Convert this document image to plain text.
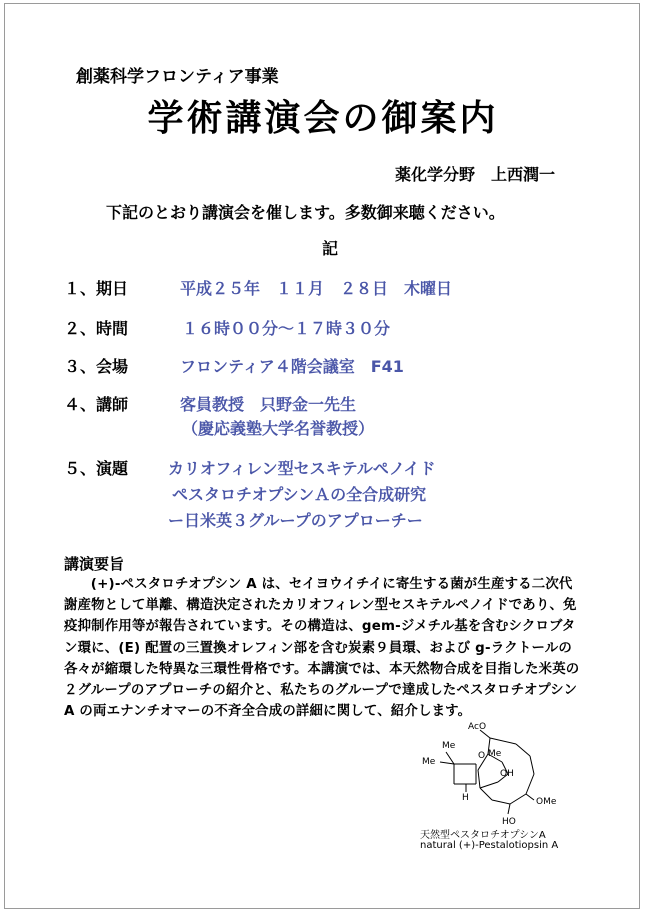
創薬科学フロンティア事業
学術講演会の御案内
薬化学分野　上西潤一
下記のとおり講演会を催します。多数御来聴ください。
記
１、期日	平成２５年　１１月　２８日　木曜日
２、時間	１６時００分～１７時３０分
３、会場	フロンティア４階会議室　F41
４、講師	客員教授　只野金一先生
（慶応義塾大学名誉教授）
５、演題 カリオフィレン型セスキテルペノイド
ペスタロチオプシンＡの全合成研究
ー日米英３グループのアプローチー
講演要旨
(+)-ペスタロチオプシン A は、セイヨウイチイに寄生する菌が生産する二次代謝産物として単離、構造決定されたカリオフィレン型セスキテルペノイドであり、免疫抑制作用等が報告されています。その構造は、gem-ジメチル基を含むシクロブタン環に、(E) 配置の三置換オレフィン部を含む炭素９員環、および g-ラクトールの各々が縮環した特異な三環性骨格です。本講演では、本天然物合成を目指した米英の２グループのアプローチの紹介と、私たちのグループで達成したペスタロチオプシン A の両エナンチオマーの不斉全合成の詳細に関して、紹介します。
AcO
Me
Me
O Me
OH
H	OMe
HO
天然型ペスタロチオプシンA
natural (+)-Pestalotiopsin A
